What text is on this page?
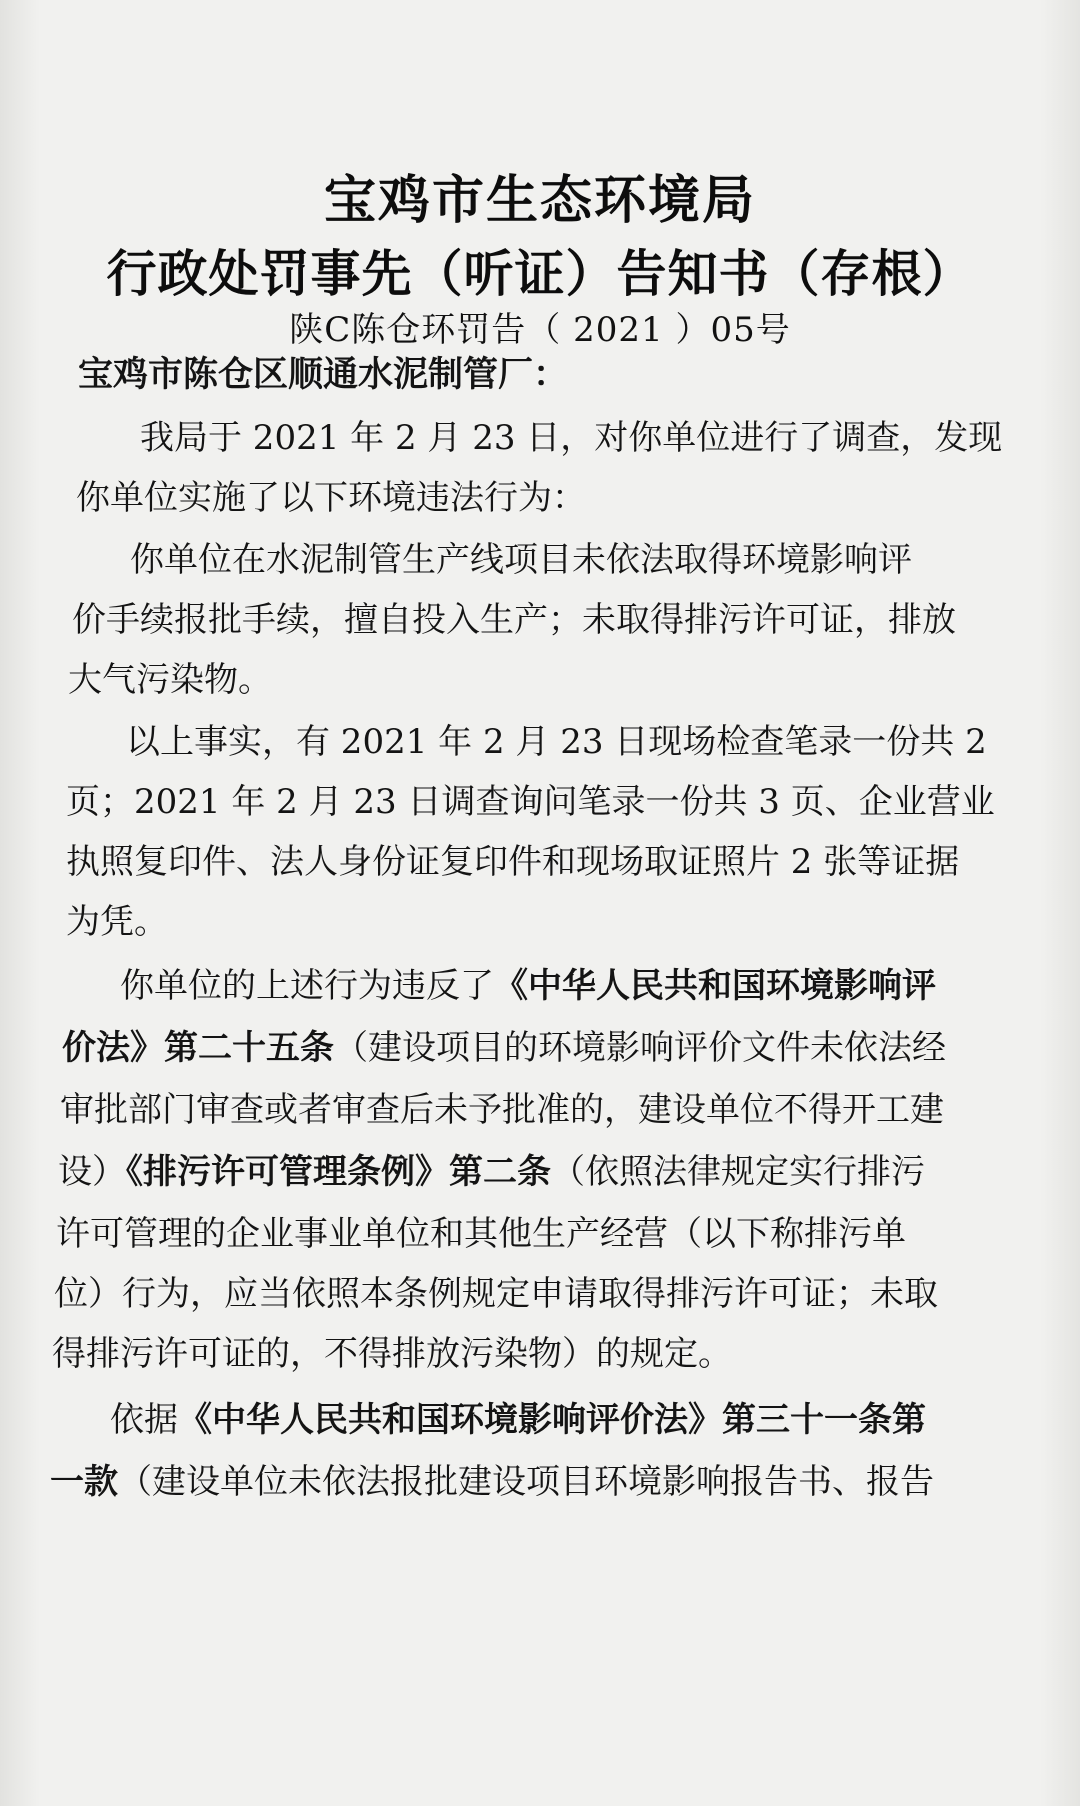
宝鸡市生态环境局
行政处罚事先（听证）告知书（存根）
陕C陈仓环罚告（ 2021 ）05号
宝鸡市陈仓区顺通水泥制管厂：
我局于 2021 年 2 月 23 日，对你单位进行了调查，发现
你单位实施了以下环境违法行为：
你单位在水泥制管生产线项目未依法取得环境影响评
价手续报批手续，擅自投入生产；未取得排污许可证，排放
大气污染物。
以上事实，有 2021 年 2 月 23 日现场检查笔录一份共 2
页；2021 年 2 月 23 日调查询问笔录一份共 3 页、企业营业
执照复印件、法人身份证复印件和现场取证照片 2 张等证据
为凭。
你单位的上述行为违反了《中华人民共和国环境影响评
价法》第二十五条（建设项目的环境影响评价文件未依法经
审批部门审查或者审查后未予批准的，建设单位不得开工建
设）《排污许可管理条例》第二条（依照法律规定实行排污
许可管理的企业事业单位和其他生产经营（以下称排污单
位）行为，应当依照本条例规定申请取得排污许可证；未取
得排污许可证的，不得排放污染物）的规定。
依据《中华人民共和国环境影响评价法》第三十一条第
一款（建设单位未依法报批建设项目环境影响报告书、报告
